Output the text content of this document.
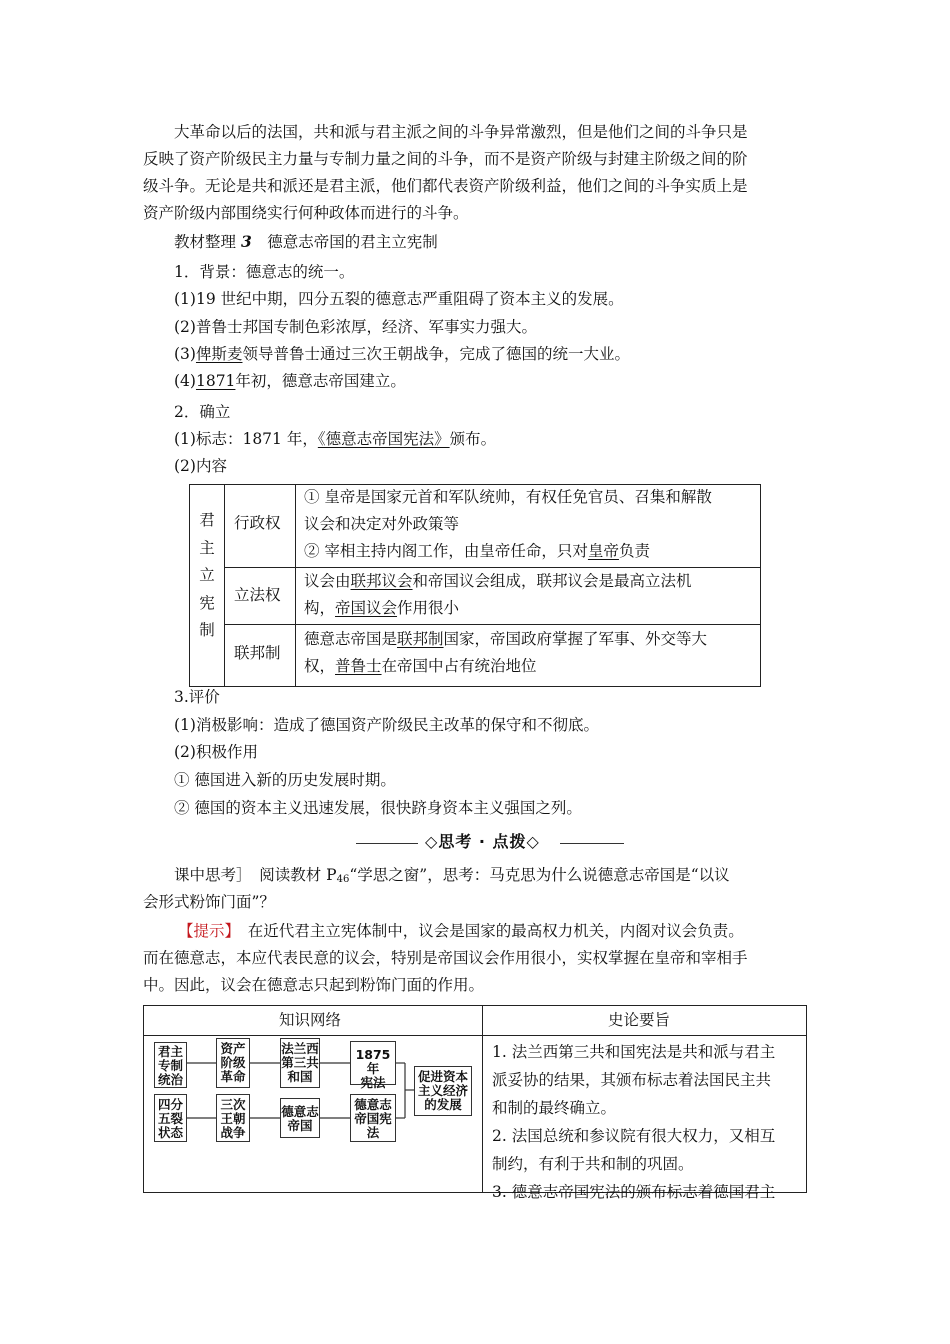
大革命以后的法国，共和派与君主派之间的斗争异常激烈，但是他们之间的斗争只是
反映了资产阶级民主力量与专制力量之间的斗争，而不是资产阶级与封建主阶级之间的阶
级斗争。无论是共和派还是君主派，他们都代表资产阶级利益，他们之间的斗争实质上是
资产阶级内部围绕实行何种政体而进行的斗争。
教材整理 3　 德意志帝国的君主立宪制
1．背景：德意志的统一。
(1)19 世纪中期，四分五裂的德意志严重阻碍了资本主义的发展。
(2)普鲁士邦国专制色彩浓厚，经济、军事实力强大。
(3)俾斯麦领导普鲁士通过三次王朝战争，完成了德国的统一大业。
(4)1871年初，德意志帝国建立。
2．确立
(1)标志：1871 年，《德意志帝国宪法》颁布。
(2)内容
君
主
立
宪
制
行政权
① 皇帝是国家元首和军队统帅，有权任免官员、召集和解散
议会和决定对外政策等
② 宰相主持内阁工作，由皇帝任命，只对皇帝负责
立法权
议会由联邦议会和帝国议会组成，联邦议会是最高立法机
构，帝国议会作用很小
联邦制
德意志帝国是联邦制国家，帝国政府掌握了军事、外交等大
权，普鲁士在帝国中占有统治地位
3.评价
(1)消极影响：造成了德国资产阶级民主改革的保守和不彻底。
(2)积极作用
① 德国进入新的历史发展时期。
② 德国的资本主义迅速发展，很快跻身资本主义强国之列。
◇思考 · 点拨◇
课中思考］　阅读教材 $P_{46}“$学思之窗”，思考：马克思为什么说德意志帝国是“以议
会形式粉饰门面”？
【提示】　在近代君主立宪体制中，议会是国家的最高权力机关，内阁对议会负责。
而在德意志，本应代表民意的议会，特别是帝国议会作用很小，实权掌握在皇帝和宰相手
中。因此，议会在德意志只起到粉饰门面的作用。
知识网络	史论要旨
君主
专制
统治
资产
阶级
革命
法兰西
第三共
和国
1875年
宪法
四分
五裂
状态
三次
王朝
战争
德意志
帝国
德意志
帝国宪
法
促进资本
主义经济
的发展
1. 法兰西第三共和国宪法是共和派与君主
派妥协的结果，其颁布标志着法国民主共
和制的最终确立。
2. 法国总统和参议院有很大权力，又相互
制约，有利于共和制的巩固。
3. 德意志帝国宪法的颁布标志着德国君主
